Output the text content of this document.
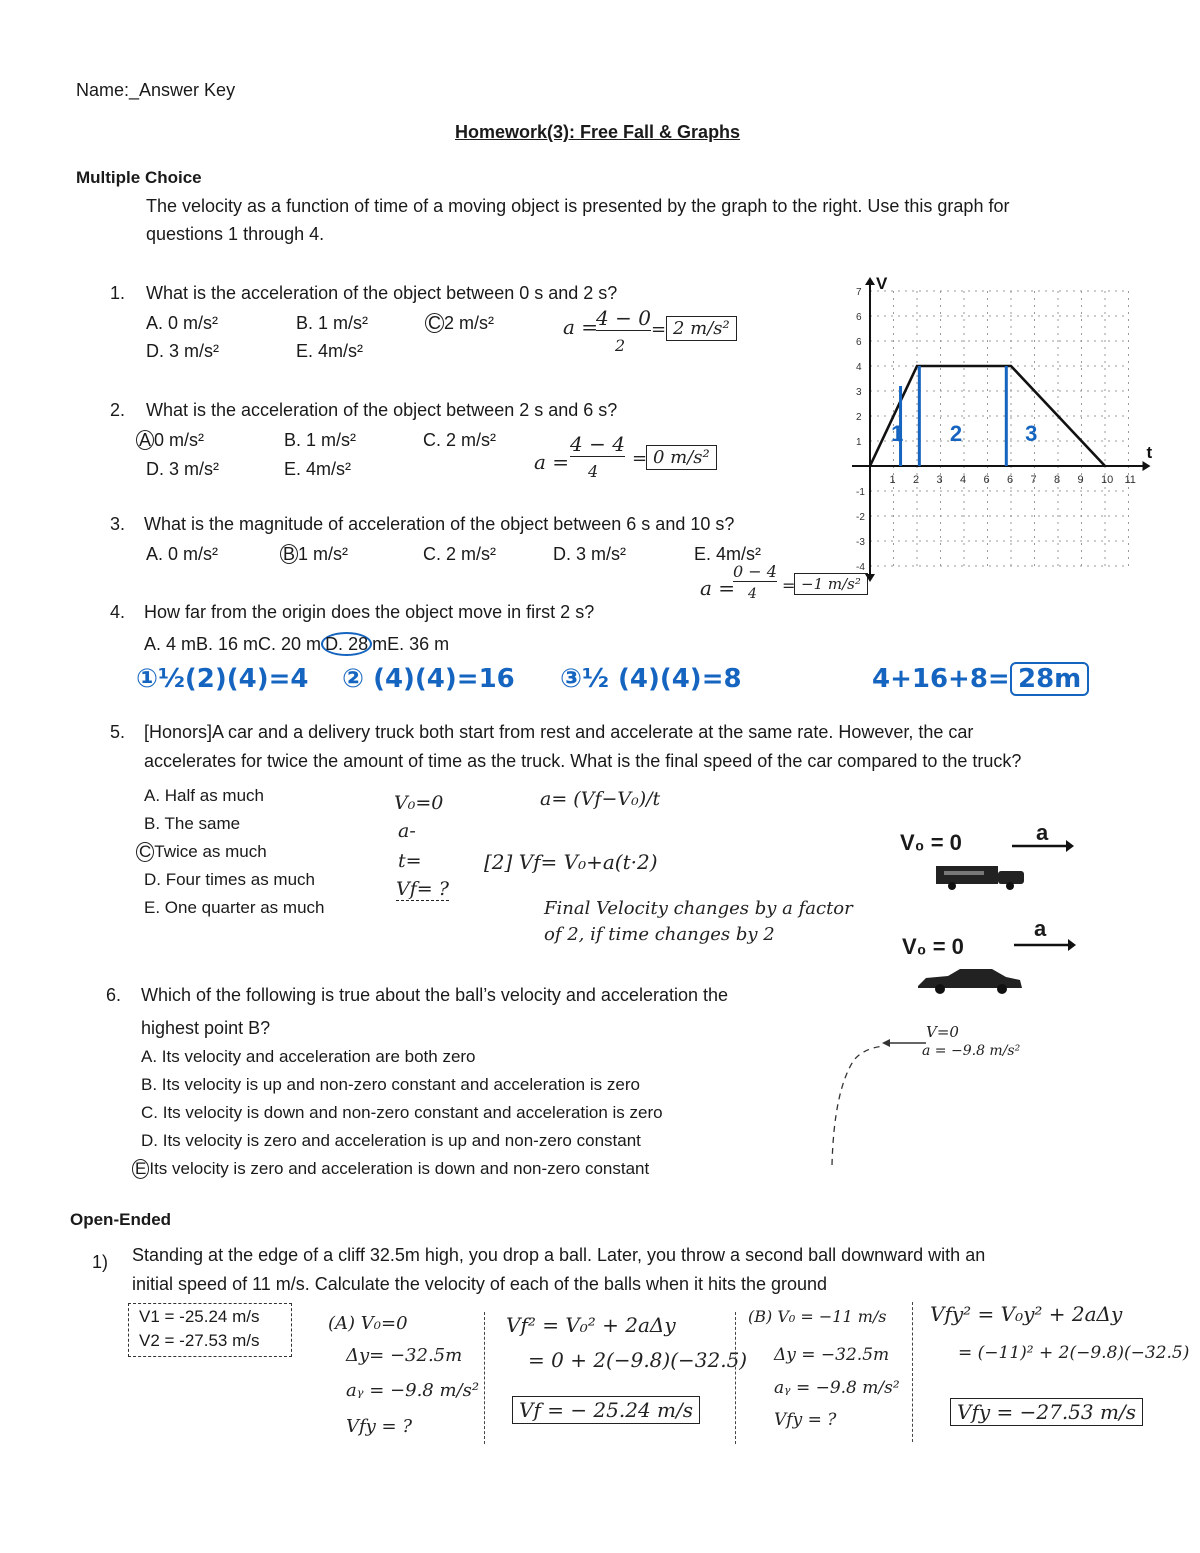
Name:_Answer Key
Homework(3): Free Fall & Graphs
Multiple Choice
The velocity as a function of time of a moving object is presented by the graph to the right. Use this graph for
questions 1 through 4.
1. What is the acceleration of the object between 0 s and 2 s?
A. 0 m/s²	B. 1 m/s²	C 2 m/s²
D. 3 m/s²	E. 4m/s²
a =
4 − 0
2
= 2 m/s²
2. What is the acceleration of the object between 2 s and 6 s?
A 0 m/s²	B. 1 m/s²	C. 2 m/s²
D. 3 m/s²	E. 4m/s²	a =
4 − 4
4
= 0 m/s²
3. What is the magnitude of acceleration of the object between 6 s and 10 s?
A. 0 m/s²	B 1 m/s²	C. 2 m/s²	D. 3 m/s²	E. 4m/s²
a =
0 − 4
4 = −1 m/s²
4. How far from the origin does the object move in first 2 s?
A. 4 mB. 16 mC. 20 m D. 28 mE. 36 m
①½(2)(4)=4 ② (4)(4)=16 ③½ (4)(4)=8	4+16+8= 28m
V
t
1 2 3 4 6 6 7 8 9 10 11
7
6
6
4
3
2
1
-1
-2
-3
-4
1 2	3

5. [Honors]A car and a delivery truck both start from rest and accelerate at the same rate. However, the car
accelerates for twice the amount of time as the truck. What is the final speed of the car compared to the truck?
A. Half as much
B. The same
C Twice as much
D. Four times as much
E. One quarter as much
V₀=0
a-
t=
Vf= ?
a= (Vf−V₀)/t
[2] Vf= V₀+a(t·2)
Final Velocity changes by a factor
of 2, if time changes by 2
V₀ = 0	a
V₀ = 0
a
6. Which of the following is true about the ball’s velocity and acceleration the
highest point B?
A. Its velocity and acceleration are both zero
B. Its velocity is up and non-zero constant and acceleration is zero
C. Its velocity is down and non-zero constant and acceleration is zero
D. Its velocity is zero and acceleration is up and non-zero constant
E Its velocity is zero and acceleration is down and non-zero constant
V=0
a = −9.8 m/s²
Open-Ended
1) Standing at the edge of a cliff 32.5m high, you drop a ball. Later, you throw a second ball downward with an
initial speed of 11 m/s. Calculate the velocity of each of the balls when it hits the ground
V1 = -25.24 m/s
V2 = -27.53 m/s
(A) V₀=0
Δy= −32.5m
aᵧ = −9.8 m/s²
Vfy = ?
Vf² = V₀² + 2aΔy
= 0 + 2(−9.8)(−32.5)
Vf = − 25.24 m/s
(B) V₀ = −11 m/s
Δy = −32.5m
aᵧ = −9.8 m/s²
Vfy = ?
Vfy² = V₀y² + 2aΔy
= (−11)² + 2(−9.8)(−32.5)
Vfy = −27.53 m/s
